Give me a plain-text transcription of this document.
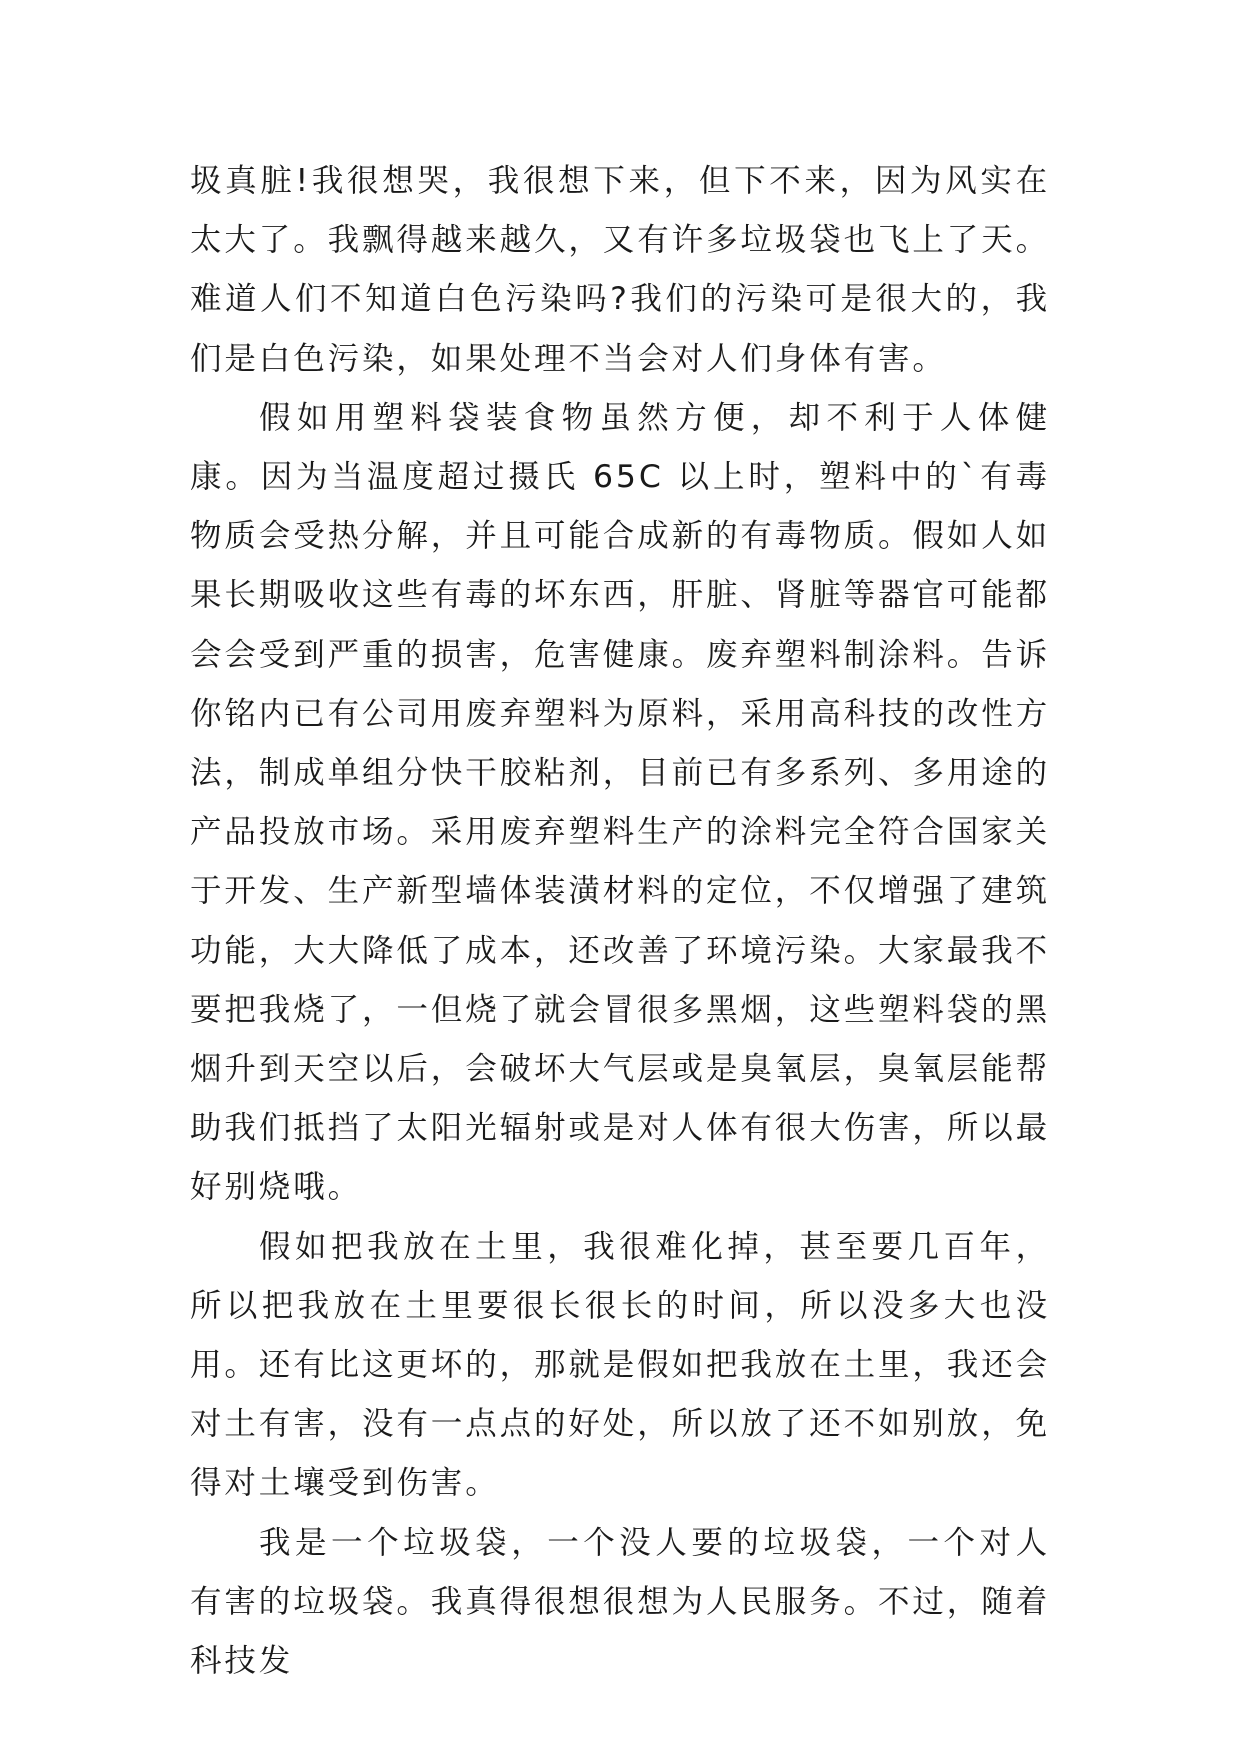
圾真脏!我很想哭，我很想下来，但下不来，因为风实在太大了。我飘得越来越久，又有许多垃圾袋也飞上了天。难道人们不知道白色污染吗?我们的污染可是很大的，我们是白色污染，如果处理不当会对人们身体有害。

假如用塑料袋装食物虽然方便，却不利于人体健康。因为当温度超过摄氏 65C 以上时，塑料中的`有毒物质会受热分解，并且可能合成新的有毒物质。假如人如果长期吸收这些有毒的坏东西，肝脏、肾脏等器官可能都会会受到严重的损害，危害健康。废弃塑料制涂料。告诉你铭内已有公司用废弃塑料为原料，采用高科技的改性方法，制成单组分快干胶粘剂，目前已有多系列、多用途的产品投放市场。采用废弃塑料生产的涂料完全符合国家关于开发、生产新型墙体装潢材料的定位，不仅增强了建筑功能，大大降低了成本，还改善了环境污染。大家最我不要把我烧了，一但烧了就会冒很多黑烟，这些塑料袋的黑烟升到天空以后，会破坏大气层或是臭氧层，臭氧层能帮助我们抵挡了太阳光辐射或是对人体有很大伤害，所以最好别烧哦。

假如把我放在土里，我很难化掉，甚至要几百年，所以把我放在土里要很长很长的时间，所以没多大也没用。还有比这更坏的，那就是假如把我放在土里，我还会对土有害，没有一点点的好处，所以放了还不如别放，免得对土壤受到伤害。

我是一个垃圾袋，一个没人要的垃圾袋，一个对人有害的垃圾袋。我真得很想很想为人民服务。不过，随着科技发
